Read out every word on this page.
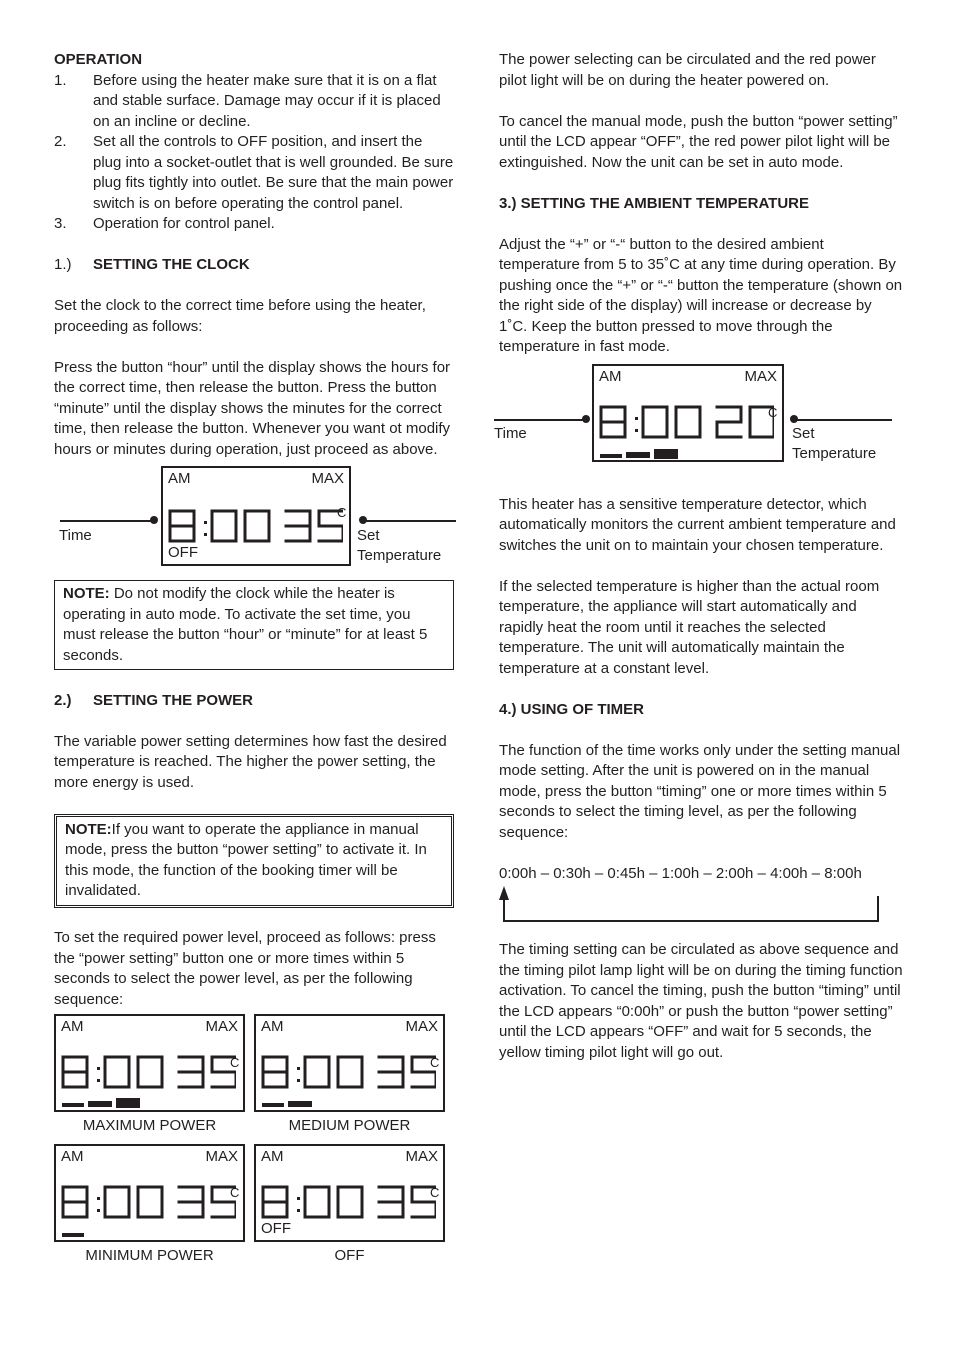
OPERATION

1. Before using the heater make sure that it is on a flat and stable surface. Damage may occur if it is placed on an incline or decline.
2. Set all the controls to OFF position, and insert the plug into a socket-outlet that is well grounded. Be sure plug fits tightly into outlet. Be sure that the main power switch is on before operating the control panel.
3. Operation for control panel.
1.) SETTING THE CLOCK

Set the clock to the correct time before using the heater, proceeding as follows:

Press the button “hour” until the display shows the hours for the correct time, then release the button. Press the button “minute” until the display shows the minutes for the correct time, then release the button. Whenever you want ot modify hours or minutes during operation, just proceed as above.

Time
AM	MAX
C
OFF
Set Temperature
NOTE: Do not modify the clock while the heater is operating in auto mode. To activate the set time, you must release the button “hour” or “minute” for at least 5 seconds.
2.) SETTING THE POWER

The variable power setting determines how fast the desired temperature is reached. The higher the power setting, the more energy is used.

NOTE:If you want to operate the appliance in manual mode, press the button “power setting” to activate it. In this mode, the function of the booking timer will be invalidated.

To set the required power level, proceed as follows: press the “power setting” button one or more times within 5 seconds to select the power level, as per the following sequence:

AM	MAX
C
MAXIMUM POWER
AM	MAX
C
MEDIUM POWER
AM	MAX
C
MINIMUM POWER
AM	MAX
C
OFF
OFF

The power selecting can be circulated and the red power pilot light will be on during the heater powered on.

To cancel the manual mode, push the button “power setting” until the LCD appear “OFF”, the red power pilot light will be extinguished. Now the unit can be set in auto mode.

3.) SETTING THE AMBIENT TEMPERATURE

Adjust the “+” or “-“ button to the desired ambient temperature from 5 to 35˚C at any time during operation. By pushing once the “+” or “-“ button the temperature (shown on the right side of the display) will increase or decrease by 1˚C. Keep the button pressed to move through the temperature in fast mode.

Time
AM	MAX
C
Set Temperature

This heater has a sensitive temperature detector, which automatically monitors the current ambient temperature and switches the unit on to maintain your chosen temperature.

If the selected temperature is higher than the actual room temperature, the appliance will start automatically and rapidly heat the room until it reaches the selected temperature. The unit will automatically maintain the temperature at a constant level.

4.) USING OF TIMER

The function of the time works only under the setting manual mode setting. After the unit is powered on in the manual mode, press the button “timing” one or more times within 5 seconds to select the timing level, as per the following sequence:

0:00h – 0:30h – 0:45h – 1:00h – 2:00h – 4:00h – 8:00h

The timing setting can be circulated as above sequence and the timing pilot lamp light will be on during the timing function activation. To cancel the timing, push the button “timing” until the LCD appears “0:00h” or push the button “power setting” until the LCD appears “OFF” and wait for 5 seconds, the yellow timing pilot light will go out.
